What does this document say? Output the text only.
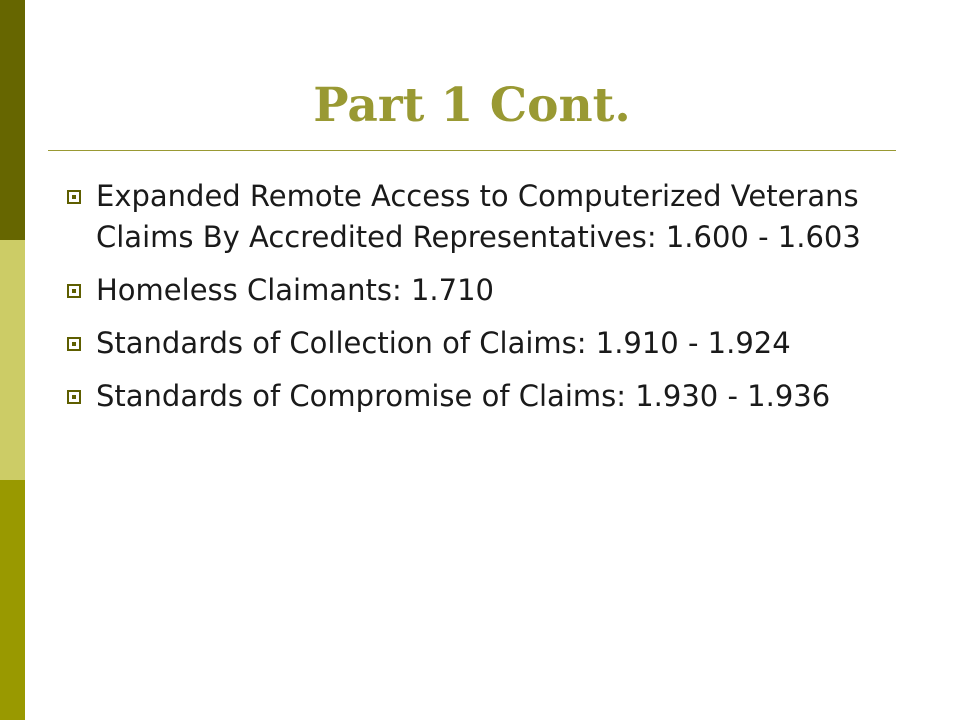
Part 1 Cont.
Expanded Remote Access to Computerized Veterans Claims By Accredited Representatives: 1.600 - 1.603
Homeless Claimants: 1.710
Standards of Collection of Claims: 1.910 - 1.924
Standards of Compromise of Claims: 1.930 - 1.936
